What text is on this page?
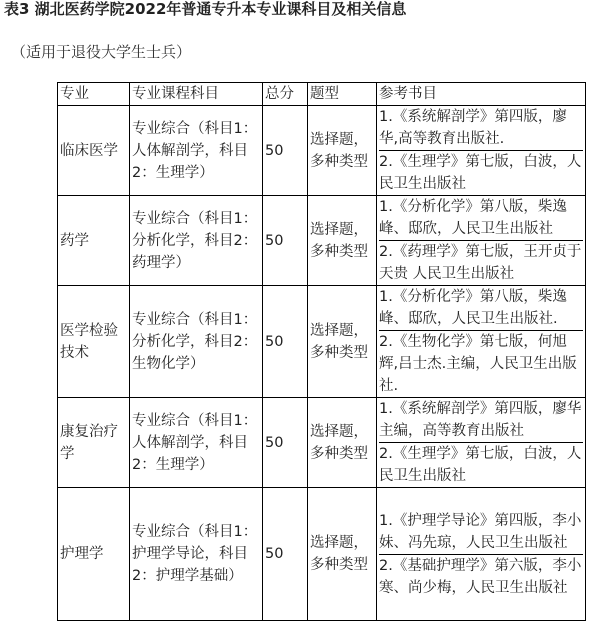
表3 湖北医药学院2022年普通专升本专业课科目及相关信息
（适用于退役大学生士兵）
专业	专业课程科目	总分	题型	参考书目
临床医学	专业综合（科目1：人体解剖学，科目2：生理学）	50	选择题，多种类型	1.《系统解剖学》第四版，廖华,高等教育出版社.
2.《生理学》第七版，白波，人民卫生出版社

药学	专业综合（科目1：分析化学，科目2：药理学）	50	选择题，多种类型	1.《分析化学》第八版，柴逸峰、邸欣，人民卫生出版社
2.《药理学》第七版，王开贞于天贵 人民卫生出版社

医学检验技术	专业综合（科目1：分析化学，科目2：生物化学）	50	选择题，多种类型	1.《分析化学》第八版，柴逸峰、邸欣，人民卫生出版社.
2.《生物化学》第七版，何旭辉,吕士杰.主编，人民卫生出版社.

康复治疗学	专业综合（科目1：人体解剖学，科目2：生理学）	50	选择题，多种类型	1.《系统解剖学》第四版，廖华主编，高等教育出版社
2.《生理学》第七版，白波，人民卫生出版社

护理学	专业综合（科目1：护理学导论，科目2：护理学基础）	50	选择题，多种类型	1.《护理学导论》第四版，李小妹、冯先琼，人民卫生出版社
2.《基础护理学》第六版，李小寒、尚少梅，人民卫生出版社
